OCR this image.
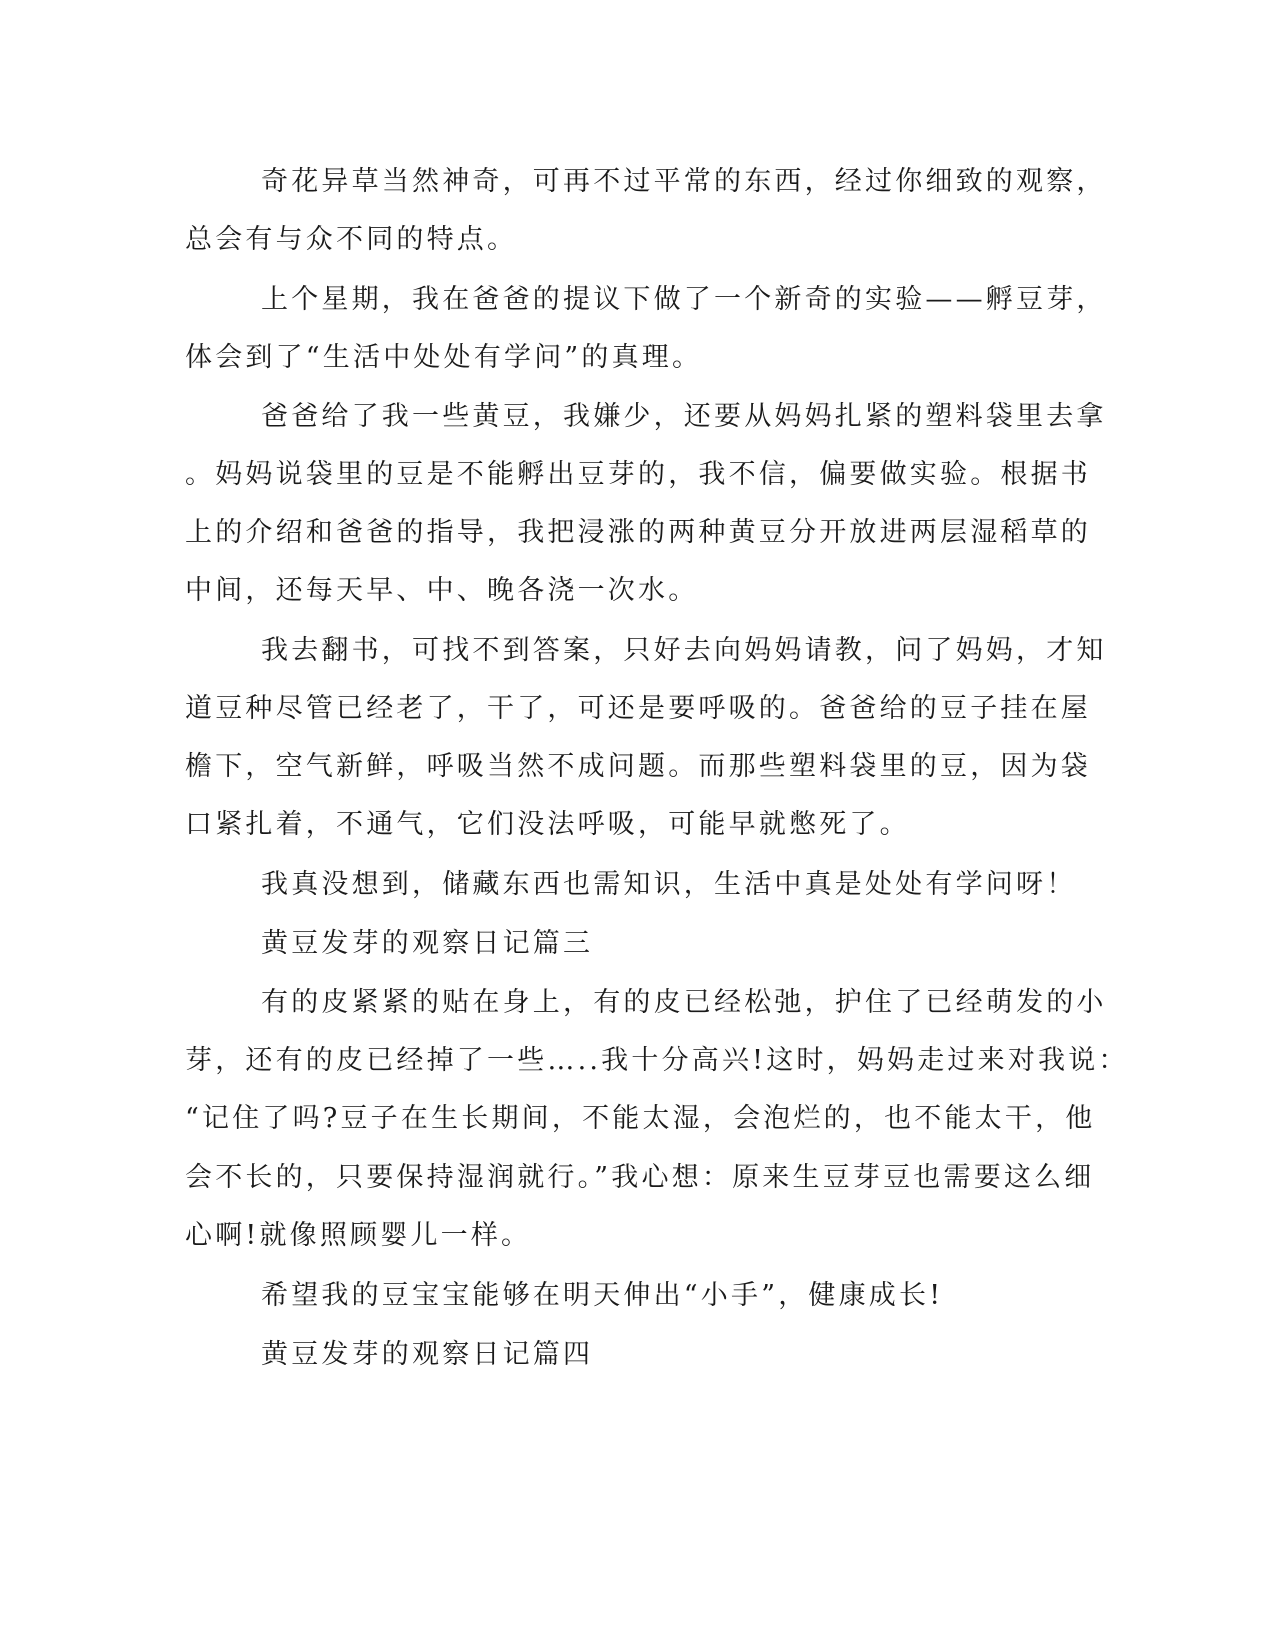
奇花异草当然神奇，可再不过平常的东西，经过你细致的观察，
总会有与众不同的特点。
上个星期，我在爸爸的提议下做了一个新奇的实验——孵豆芽，
体会到了“生活中处处有学问”的真理。
爸爸给了我一些黄豆，我嫌少，还要从妈妈扎紧的塑料袋里去拿
。妈妈说袋里的豆是不能孵出豆芽的，我不信，偏要做实验。根据书
上的介绍和爸爸的指导，我把浸涨的两种黄豆分开放进两层湿稻草的
中间，还每天早、中、晚各浇一次水。
我去翻书，可找不到答案，只好去向妈妈请教，问了妈妈，才知
道豆种尽管已经老了，干了，可还是要呼吸的。爸爸给的豆子挂在屋
檐下，空气新鲜，呼吸当然不成问题。而那些塑料袋里的豆，因为袋
口紧扎着，不通气，它们没法呼吸，可能早就憋死了。
我真没想到，储藏东西也需知识，生活中真是处处有学问呀！
黄豆发芽的观察日记篇三
有的皮紧紧的贴在身上，有的皮已经松弛，护住了已经萌发的小
芽，还有的皮已经掉了一些…..我十分高兴!这时，妈妈走过来对我说：
“记住了吗?豆子在生长期间，不能太湿，会泡烂的，也不能太干，他
会不长的，只要保持湿润就行。”我心想：原来生豆芽豆也需要这么细
心啊!就像照顾婴儿一样。
希望我的豆宝宝能够在明天伸出“小手”，健康成长!
黄豆发芽的观察日记篇四
